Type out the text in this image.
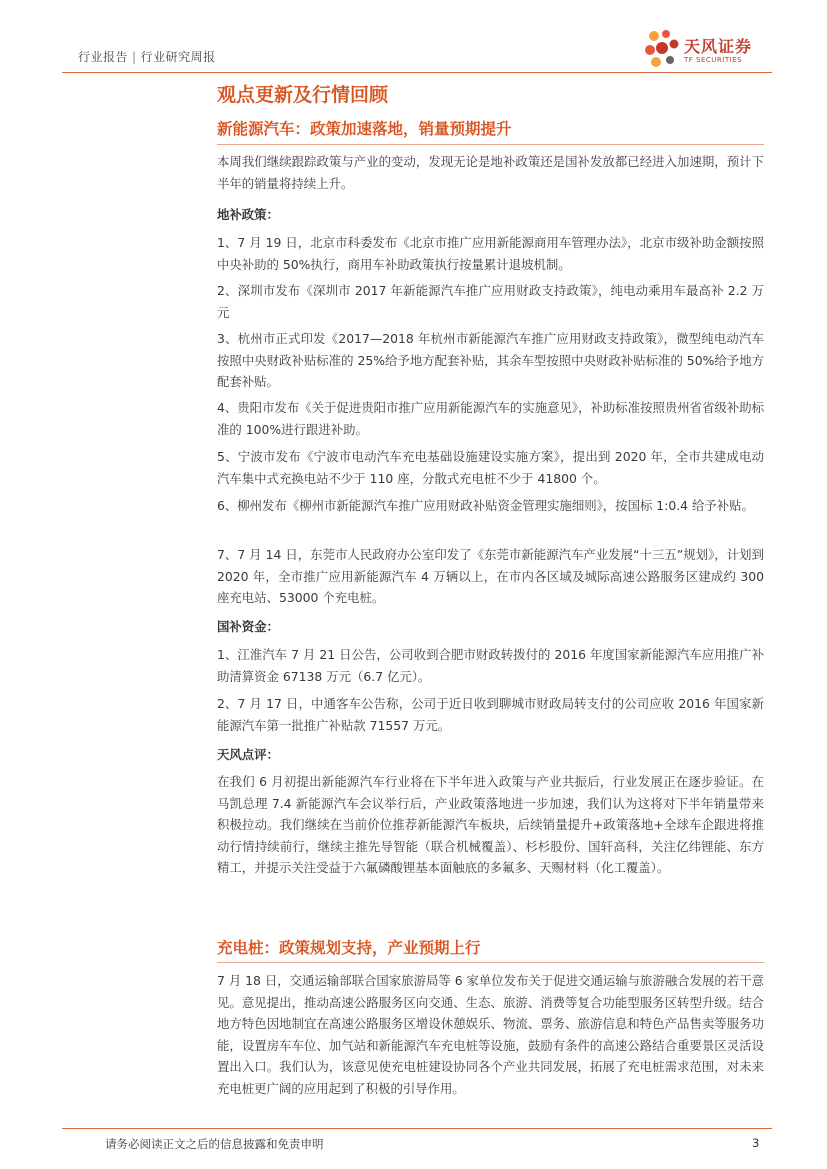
行业报告 | 行业研究周报
天风证券
TF SECURITIES
观点更新及行情回顾
新能源汽车：政策加速落地，销量预期提升

本周我们继续跟踪政策与产业的变动，发现无论是地补政策还是国补发放都已经进入加速期，预计下半年的销量将持续上升。

地补政策：

1、7 月 19 日，北京市科委发布《北京市推广应用新能源商用车管理办法》，北京市级补助金额按照中央补助的 50%执行，商用车补助政策执行按量累计退坡机制。

2、深圳市发布《深圳市 2017 年新能源汽车推广应用财政支持政策》，纯电动乘用车最高补 2.2 万元

3、杭州市正式印发《2017—2018 年杭州市新能源汽车推广应用财政支持政策》，微型纯电动汽车按照中央财政补贴标准的 25%给予地方配套补贴，其余车型按照中央财政补贴标准的 50%给予地方配套补贴。

4、贵阳市发布《关于促进贵阳市推广应用新能源汽车的实施意见》，补助标准按照贵州省省级补助标准的 100%进行跟进补助。

5、宁波市发布《宁波市电动汽车充电基础设施建设实施方案》，提出到 2020 年，全市共建成电动汽车集中式充换电站不少于 110 座，分散式充电桩不少于 41800 个。

6、柳州发布《柳州市新能源汽车推广应用财政补贴资金管理实施细则》，按国标 1:0.4 给予补贴。

7、7 月 14 日，东莞市人民政府办公室印发了《东莞市新能源汽车产业发展“十三五”规划》，计划到 2020 年，全市推广应用新能源汽车 4 万辆以上，在市内各区域及城际高速公路服务区建成约 300 座充电站、53000 个充电桩。

国补资金：

1、江淮汽车 7 月 21 日公告，公司收到合肥市财政转拨付的 2016 年度国家新能源汽车应用推广补助清算资金 67138 万元（6.7 亿元）。

2、7 月 17 日，中通客车公告称，公司于近日收到聊城市财政局转支付的公司应收 2016 年国家新能源汽车第一批推广补贴款 71557 万元。

天风点评：

在我们 6 月初提出新能源汽车行业将在下半年进入政策与产业共振后，行业发展正在逐步验证。在马凯总理 7.4 新能源汽车会议举行后，产业政策落地进一步加速，我们认为这将对下半年销量带来积极拉动。我们继续在当前价位推荐新能源汽车板块，后续销量提升+政策落地+全球车企跟进将推动行情持续前行，继续主推先导智能（联合机械覆盖）、杉杉股份、国轩高科，关注亿纬锂能、东方精工，并提示关注受益于六氟磷酸锂基本面触底的多氟多、天赐材料（化工覆盖）。

充电桩：政策规划支持，产业预期上行

7 月 18 日，交通运输部联合国家旅游局等 6 家单位发布关于促进交通运输与旅游融合发展的若干意见。意见提出，推动高速公路服务区向交通、生态、旅游、消费等复合功能型服务区转型升级。结合地方特色因地制宜在高速公路服务区增设休憩娱乐、物流、票务、旅游信息和特色产品售卖等服务功能，设置房车车位、加气站和新能源汽车充电桩等设施，鼓励有条件的高速公路结合重要景区灵活设置出入口。我们认为，该意见使充电桩建设协同各个产业共同发展，拓展了充电桩需求范围，对未来充电桩更广阔的应用起到了积极的引导作用。

请务必阅读正文之后的信息披露和免责申明	3
